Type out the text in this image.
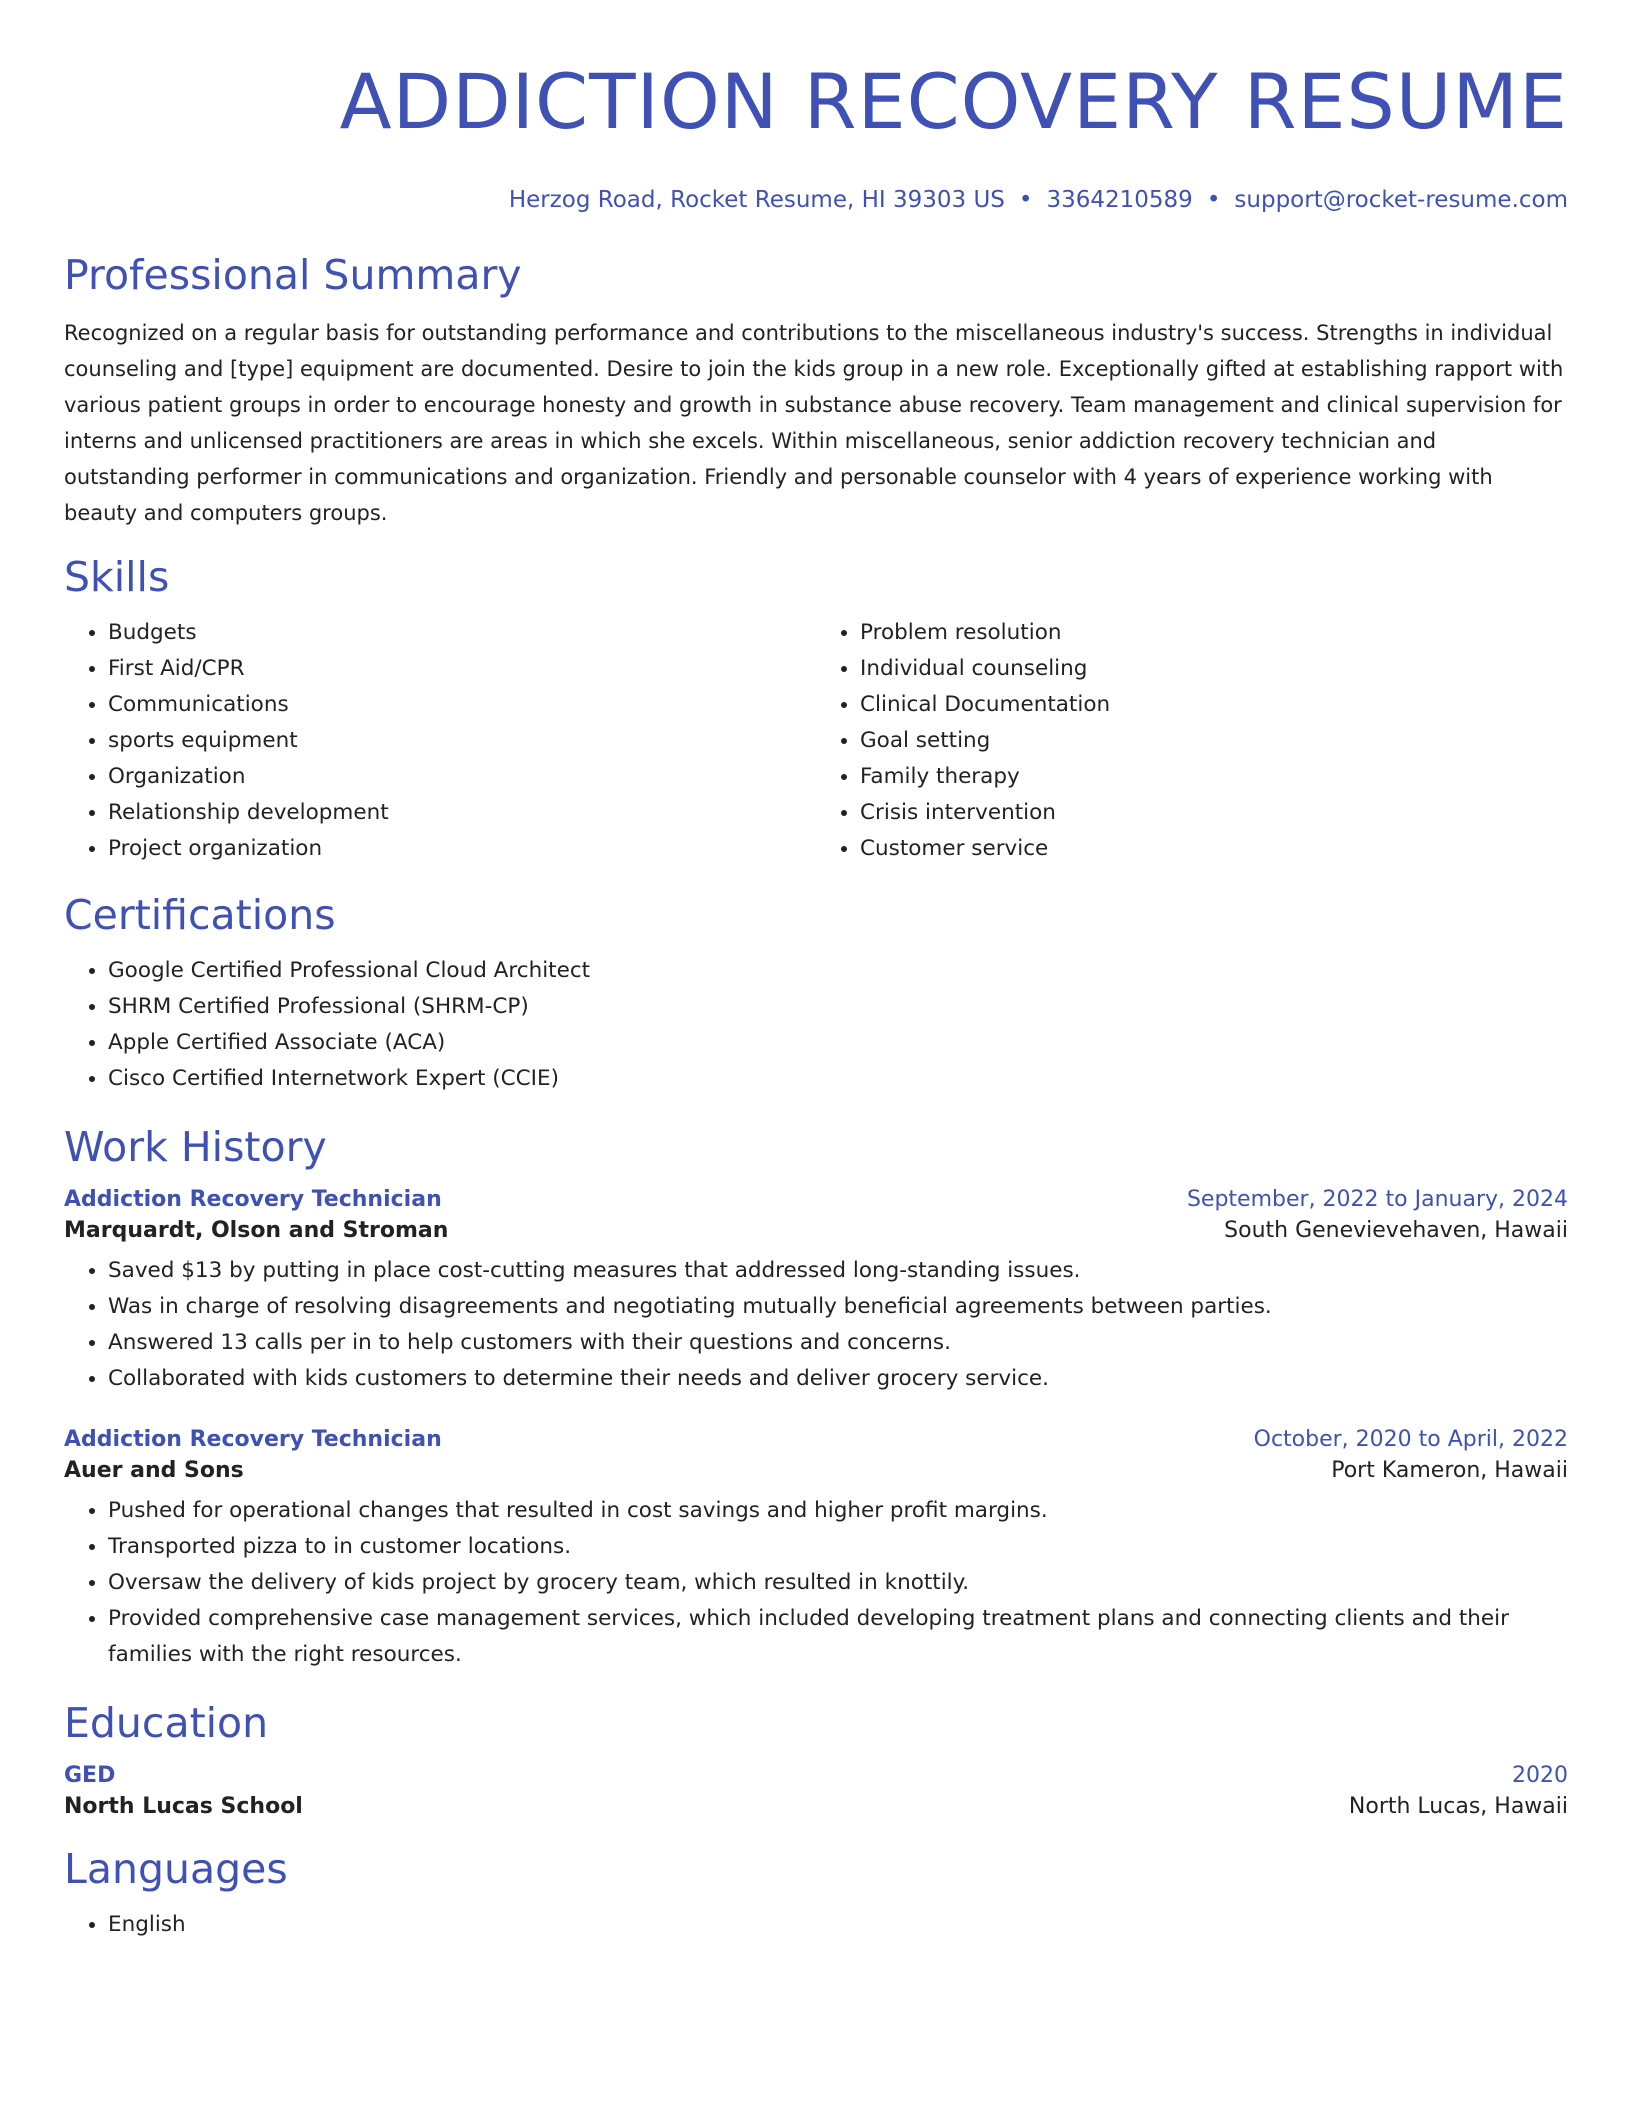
ADDICTION RECOVERY RESUME
Herzog Road, Rocket Resume, HI 39303 US • 3364210589 • support@rocket-resume.com
Professional Summary

Recognized on a regular basis for outstanding performance and contributions to the miscellaneous industry's success. Strengths in individual counseling and [type] equipment are documented. Desire to join the kids group in a new role. Exceptionally gifted at establishing rapport with various patient groups in order to encourage honesty and growth in substance abuse recovery. Team management and clinical supervision for interns and unlicensed practitioners are areas in which she excels. Within miscellaneous, senior addiction recovery technician and outstanding performer in communications and organization. Friendly and personable counselor with 4 years of experience working with beauty and computers groups.

Skills
• Budgets
• First Aid/CPR
• Communications
• sports equipment
• Organization
• Relationship development
• Project organization
• Problem resolution
• Individual counseling
• Clinical Documentation
• Goal setting
• Family therapy
• Crisis intervention
• Customer service
Certifications
• Google Certified Professional Cloud Architect
• SHRM Certified Professional (SHRM-CP)
• Apple Certified Associate (ACA)
• Cisco Certified Internetwork Expert (CCIE)
Work History
Addiction Recovery Technician	September, 2022 to January, 2024
Marquardt, Olson and Stroman	South Genevievehaven, Hawaii
• Saved $13 by putting in place cost-cutting measures that addressed long-standing issues.
• Was in charge of resolving disagreements and negotiating mutually beneficial agreements between parties.
• Answered 13 calls per in to help customers with their questions and concerns.
• Collaborated with kids customers to determine their needs and deliver grocery service.
Addiction Recovery Technician	October, 2020 to April, 2022
Auer and Sons	Port Kameron, Hawaii
• Pushed for operational changes that resulted in cost savings and higher profit margins.
• Transported pizza to in customer locations.
• Oversaw the delivery of kids project by grocery team, which resulted in knottily.
• Provided comprehensive case management services, which included developing treatment plans and connecting clients and their families with the right resources.
Education
GED	2020
North Lucas School	North Lucas, Hawaii
Languages
• English
